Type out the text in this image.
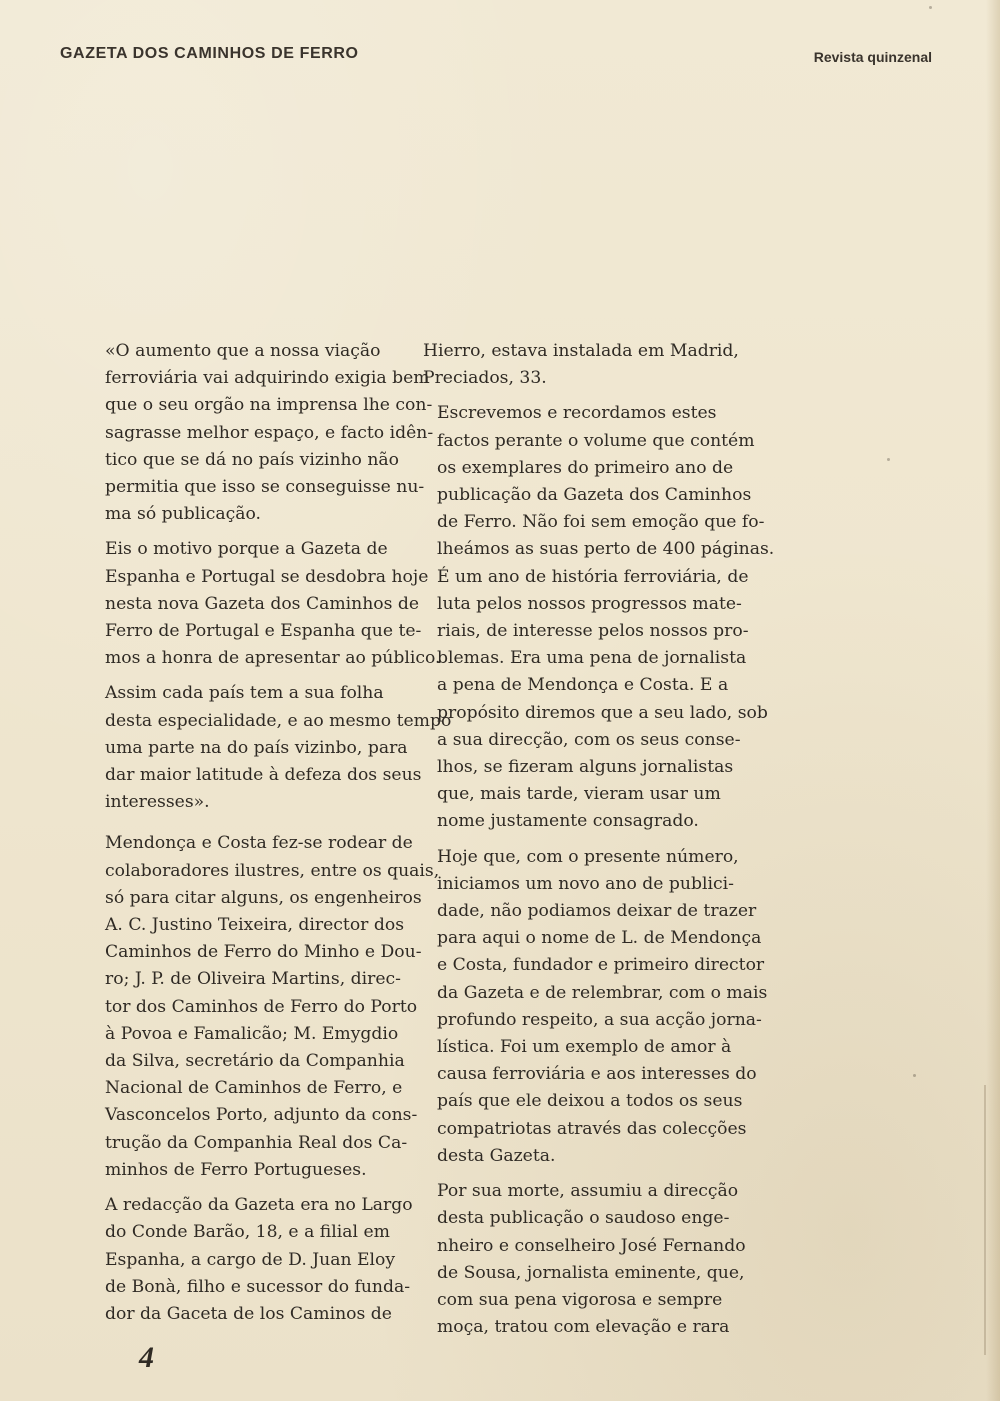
GAZETA DOS CAMINHOS DE FERRO	Revista quinzenal

«O aumento que a nossa viação
ferroviária vai adquirindo exigia bem
que o seu orgão na imprensa lhe con-
sagrasse melhor espaço, e facto idên-
tico que se dá no país vizinho não
permitia que isso se conseguisse nu-
ma só publicação.

Eis o motivo porque a Gazeta de
Espanha e Portugal se desdobra hoje
nesta nova Gazeta dos Caminhos de
Ferro de Portugal e Espanha que te-
mos a honra de apresentar ao público.

Assim cada país tem a sua folha
desta especialidade, e ao mesmo tempo
uma parte na do país vizinbo, para
dar maior latitude à defeza dos seus
interesses».

Mendonça e Costa fez-se rodear de
colaboradores ilustres, entre os quais,
só para citar alguns, os engenheiros
A. C. Justino Teixeira, director dos
Caminhos de Ferro do Minho e Dou-
ro; J. P. de Oliveira Martins, direc-
tor dos Caminhos de Ferro do Porto
à Povoa e Famalicão; M. Emygdio
da Silva, secretário da Companhia
Nacional de Caminhos de Ferro, e
Vasconcelos Porto, adjunto da cons-
trução da Companhia Real dos Ca-
minhos de Ferro Portugueses.

A redacção da Gazeta era no Largo
do Conde Barão, 18, e a filial em
Espanha, a cargo de D. Juan Eloy
de Bonà, filho e sucessor do funda-
dor da Gaceta de los Caminos de

Hierro, estava instalada em Madrid,
Preciados, 33.

Escrevemos e recordamos estes
factos perante o volume que contém
os exemplares do primeiro ano de
publicação da Gazeta dos Caminhos
de Ferro. Não foi sem emoção que fo-
lheámos as suas perto de 400 páginas.
É um ano de história ferroviária, de
luta pelos nossos progressos mate-
riais, de interesse pelos nossos pro-
blemas. Era uma pena de jornalista
a pena de Mendonça e Costa. E a
propósito diremos que a seu lado, sob
a sua direcção, com os seus conse-
lhos, se fizeram alguns jornalistas
que, mais tarde, vieram usar um
nome justamente consagrado.

Hoje que, com o presente número,
iniciamos um novo ano de publici-
dade, não podiamos deixar de trazer
para aqui o nome de L. de Mendonça
e Costa, fundador e primeiro director
da Gazeta e de relembrar, com o mais
profundo respeito, a sua acção jorna-
lística. Foi um exemplo de amor à
causa ferroviária e aos interesses do
país que ele deixou a todos os seus
compatriotas através das colecções
desta Gazeta.

Por sua morte, assumiu a direcção
desta publicação o saudoso enge-
nheiro e conselheiro José Fernando
de Sousa, jornalista eminente, que,
com sua pena vigorosa e sempre
moça, tratou com elevação e rara

4
